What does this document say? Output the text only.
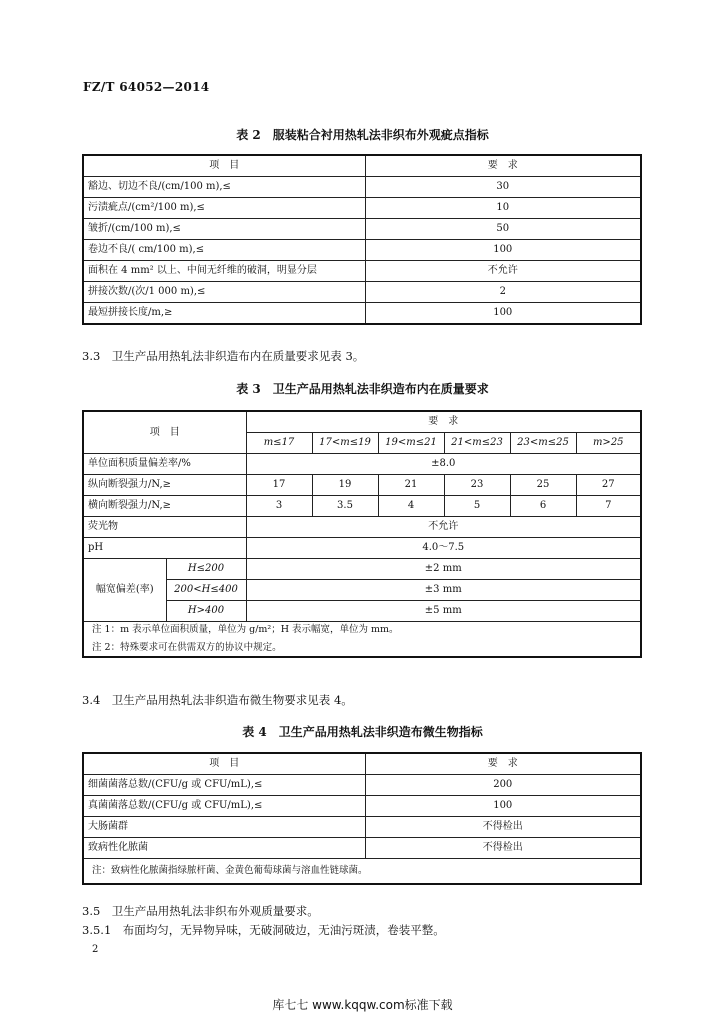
FZ/T 64052—2014
表 2　服装粘合衬用热轧法非织布外观疵点指标
项　目	要　求
豁边、切边不良/(cm/100 m),≤	30
污渍疵点/(cm²/100 m),≤	10
皱折/(cm/100 m),≤	50
卷边不良/( cm/100 m),≤	100
面积在 4 mm² 以上、中间无纤维的破洞，明显分层	不允许
拼接次数/(次/1 000 m),≤	2
最短拼接长度/m,≥	100
3.3　卫生产品用热轧法非织造布内在质量要求见表 3。
表 3　卫生产品用热轧法非织造布内在质量要求
项　目		要　求					
		m≤17	17<m≤19	19<m≤21	21<m≤23	23<m≤25	m>25
单位面积质量偏差率/%		±8.0					
纵向断裂强力/N,≥		17	19	21	23	25	27
横向断裂强力/N,≥		3	3.5	4	5	6	7
荧光物		不允许					
pH		4.0～7.5					
幅宽偏差(率)	H≤200	±2 mm					
	200<H≤400	±3 mm					
	H>400	±5 mm					

注 1：m 表示单位面积质量，单位为 g/m²；H 表示幅宽，单位为 mm。
注 2：特殊要求可在供需双方的协议中规定。							
3.4　卫生产品用热轧法非织造布微生物要求见表 4。
表 4　卫生产品用热轧法非织造布微生物指标
项　目	要　求
细菌菌落总数/(CFU/g 或 CFU/mL),≤	200
真菌菌落总数/(CFU/g 或 CFU/mL),≤	100
大肠菌群	不得检出
致病性化脓菌	不得检出
注：致病性化脓菌指绿脓杆菌、金黄色葡萄球菌与溶血性链球菌。	
3.5　卫生产品用热轧法非织布外观质量要求。
3.5.1　布面均匀，无异物异味，无破洞破边，无油污斑渍，卷装平整。
2
库七七 www.kqqw.com标准下载
